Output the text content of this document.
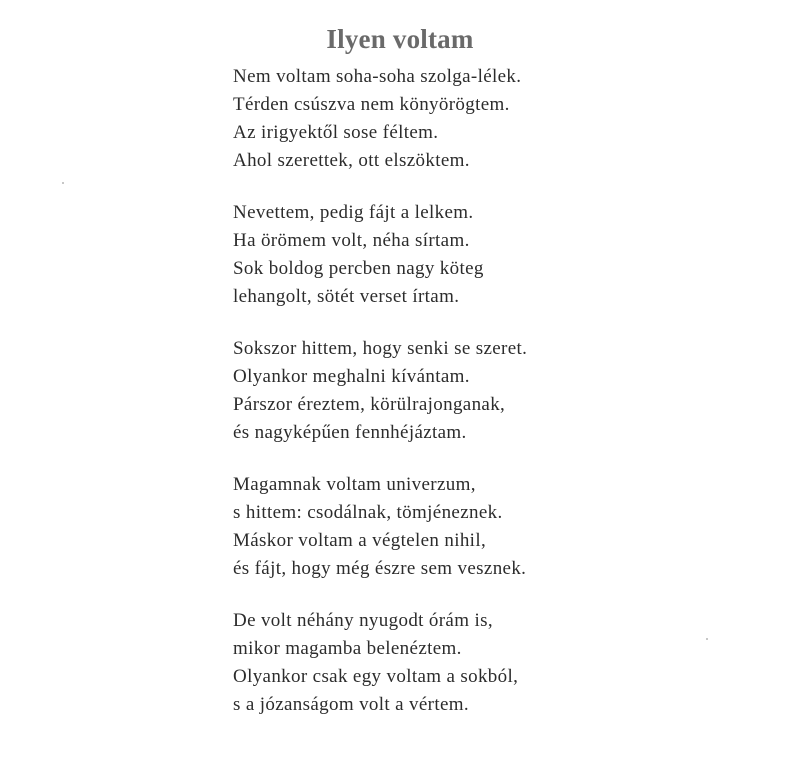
Ilyen voltam
Nem voltam soha-soha szolga-lélek.
Térden csúszva nem könyörögtem.
Az irigyektől sose féltem.
Ahol szerettek, ott elszöktem.
Nevettem, pedig fájt a lelkem.
Ha örömem volt, néha sírtam.
Sok boldog percben nagy köteg
lehangolt, sötét verset írtam.
Sokszor hittem, hogy senki se szeret.
Olyankor meghalni kívántam.
Párszor éreztem, körülrajonganak,
és nagyképűen fennhéjáztam.
Magamnak voltam univerzum,
s hittem: csodálnak, tömjéneznek.
Máskor voltam a végtelen nihil,
és fájt, hogy még észre sem vesznek.
De volt néhány nyugodt órám is,
mikor magamba belenéztem.
Olyankor csak egy voltam a sokból,
s a józanságom volt a vértem.
